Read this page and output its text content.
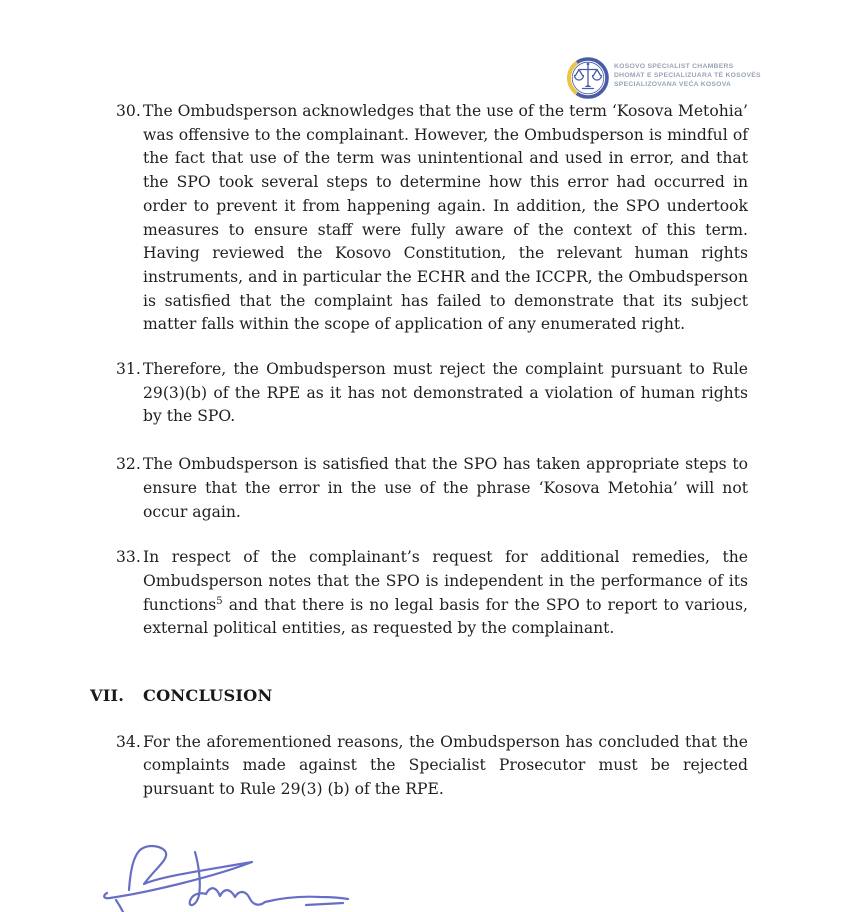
KOSOVO SPECIALIST CHAMBERS
DHOMAT E SPECIALIZUARA TË KOSOVËS
SPECIALIZOVANA VEĆA KOSOVA
30. The Ombudsperson acknowledges that the use of the term ‘Kosova Metohia’ was offensive to the complainant. However, the Ombudsperson is mindful of the fact that use of the term was unintentional and used in error, and that the SPO took several steps to determine how this error had occurred in order to prevent it from happening again. In addition, the SPO undertook measures to ensure staff were fully aware of the context of this term. Having reviewed the Kosovo Constitution, the relevant human rights instruments, and in particular the ECHR and the ICCPR, the Ombudsperson is satisfied that the complaint has failed to demonstrate that its subject matter falls within the scope of application of any enumerated right.
31. Therefore, the Ombudsperson must reject the complaint pursuant to Rule 29(3)(b) of the RPE as it has not demonstrated a violation of human rights by the SPO.
32. The Ombudsperson is satisfied that the SPO has taken appropriate steps to ensure that the error in the use of the phrase ‘Kosova Metohia’ will not occur again.
33. In respect of the complainant’s request for additional remedies, the Ombudsperson notes that the SPO is independent in the performance of its functions$^5$ and that there is no legal basis for the SPO to report to various, external political entities, as requested by the complainant.
VII. CONCLUSION
34. For the aforementioned reasons, the Ombudsperson has concluded that the complaints made against the Specialist Prosecutor must be rejected pursuant to Rule 29(3) (b) of the RPE.
